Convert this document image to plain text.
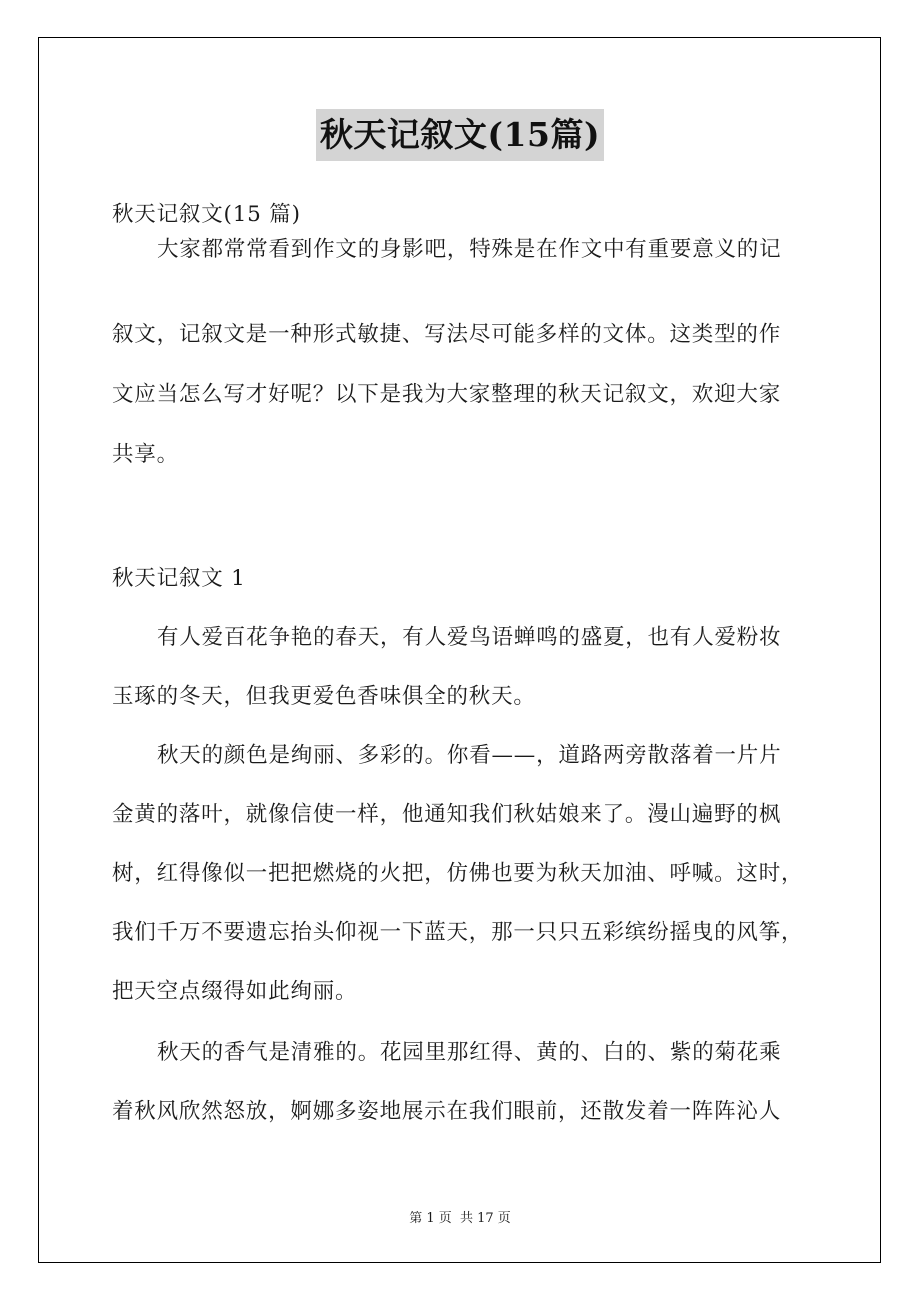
秋天记叙文(15篇)
秋天记叙文(15 篇)
大家都常常看到作文的身影吧，特殊是在作文中有重要意义的记
叙文，记叙文是一种形式敏捷、写法尽可能多样的文体。这类型的作
文应当怎么写才好呢？以下是我为大家整理的秋天记叙文，欢迎大家
共享。
秋天记叙文 1
有人爱百花争艳的春天，有人爱鸟语蝉鸣的盛夏，也有人爱粉妆
玉琢的冬天，但我更爱色香味俱全的秋天。
秋天的颜色是绚丽、多彩的。你看——，道路两旁散落着一片片
金黄的落叶，就像信使一样，他通知我们秋姑娘来了。漫山遍野的枫
树，红得像似一把把燃烧的火把，仿佛也要为秋天加油、呼喊。这时，
我们千万不要遗忘抬头仰视一下蓝天，那一只只五彩缤纷摇曳的风筝，
把天空点缀得如此绚丽。
秋天的香气是清雅的。花园里那红得、黄的、白的、紫的菊花乘
着秋风欣然怒放，婀娜多姿地展示在我们眼前，还散发着一阵阵沁人
第 1 页  共 17 页
